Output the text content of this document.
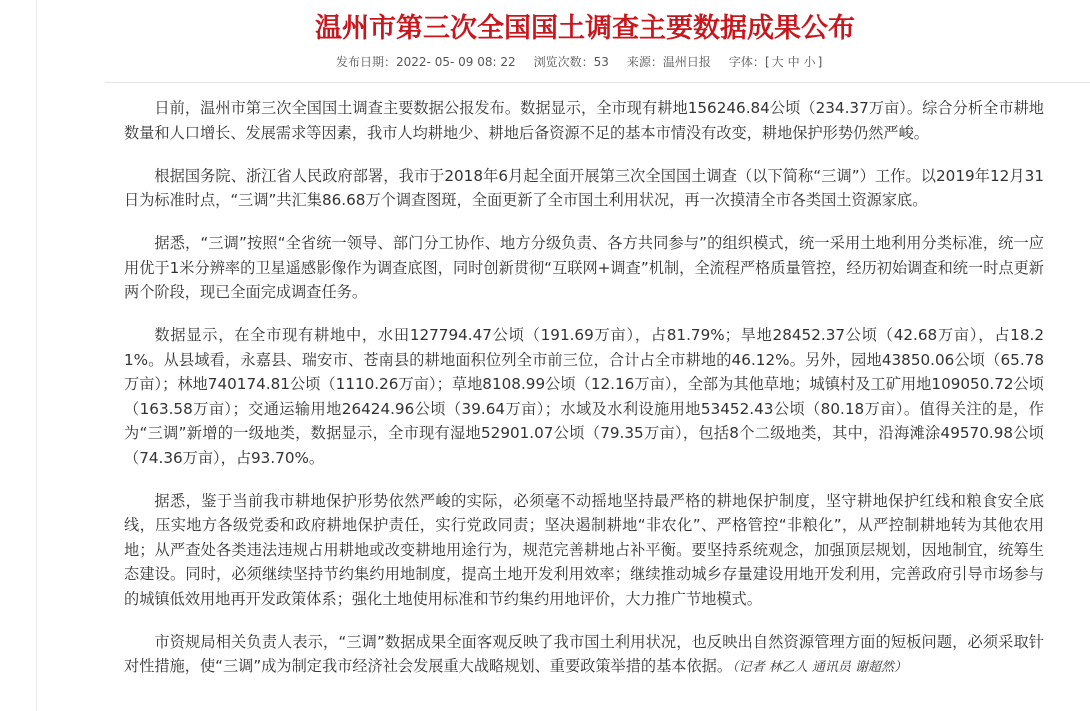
温州市第三次全国国土调查主要数据成果公布
发布日期： 2022- 05- 09 08: 22 浏览次数： 53 来源： 温州日报 字体： [ 大 中 小 ]

日前，温州市第三次全国国土调查主要数据公报发布。数据显示，全市现有耕地156246.84公顷（234.37万亩）。综合分析全市耕地数量和人口增长、发展需求等因素，我市人均耕地少、耕地后备资源不足的基本市情没有改变，耕地保护形势仍然严峻。

根据国务院、浙江省人民政府部署，我市于2018年6月起全面开展第三次全国国土调查（以下简称“三调”）工作。以2019年12月31日为标准时点，“三调”共汇集86.68万个调查图斑，全面更新了全市国土利用状况，再一次摸清全市各类国土资源家底。

据悉，“三调”按照“全省统一领导、部门分工协作、地方分级负责、各方共同参与”的组织模式，统一采用土地利用分类标准，统一应用优于1米分辨率的卫星遥感影像作为调查底图，同时创新贯彻“互联网+调查”机制，全流程严格质量管控，经历初始调查和统一时点更新两个阶段，现已全面完成调查任务。

数据显示，在全市现有耕地中，水田127794.47公顷（191.69万亩），占81.79%；旱地28452.37公顷（42.68万亩），占18.21%。从县域看，永嘉县、瑞安市、苍南县的耕地面积位列全市前三位，合计占全市耕地的46.12%。另外，园地43850.06公顷（65.78万亩）；林地740174.81公顷（1110.26万亩）；草地8108.99公顷（12.16万亩），全部为其他草地；城镇村及工矿用地109050.72公顷（163.58万亩）；交通运输用地26424.96公顷（39.64万亩）；水域及水利设施用地53452.43公顷（80.18万亩）。值得关注的是，作为“三调”新增的一级地类，数据显示，全市现有湿地52901.07公顷（79.35万亩），包括8个二级地类，其中，沿海滩涂49570.98公顷（74.36万亩），占93.70%。

据悉，鉴于当前我市耕地保护形势依然严峻的实际，必须毫不动摇地坚持最严格的耕地保护制度，坚守耕地保护红线和粮食安全底线，压实地方各级党委和政府耕地保护责任，实行党政同责；坚决遏制耕地“非农化”、严格管控“非粮化”，从严控制耕地转为其他农用地；从严查处各类违法违规占用耕地或改变耕地用途行为，规范完善耕地占补平衡。要坚持系统观念，加强顶层规划，因地制宜，统筹生态建设。同时，必须继续坚持节约集约用地制度，提高土地开发利用效率；继续推动城乡存量建设用地开发利用，完善政府引导市场参与的城镇低效用地再开发政策体系；强化土地使用标准和节约集约用地评价，大力推广节地模式。

市资规局相关负责人表示，“三调”数据成果全面客观反映了我市国土利用状况，也反映出自然资源管理方面的短板问题，必须采取针对性措施，使“三调”成为制定我市经济社会发展重大战略规划、重要政策举措的基本依据。（记者 林乙人 通讯员 谢超然）
